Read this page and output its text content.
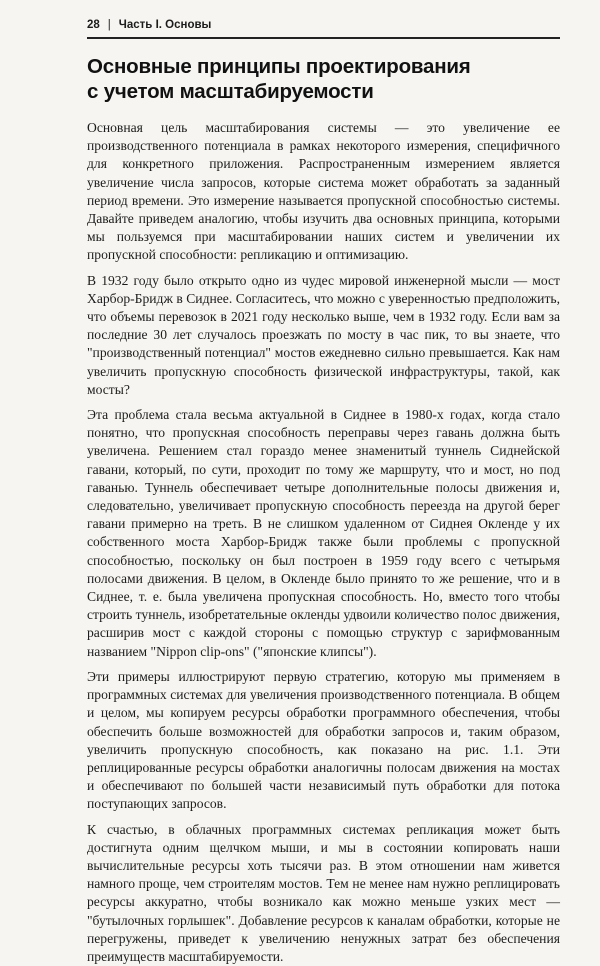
28 | Часть I. Основы
Основные принципы проектирования
с учетом масштабируемости

Основная цель масштабирования системы — это увеличение ее производственного потенциала в рамках некоторого измерения, специфичного для конкретного приложения. Распространенным измерением является увеличение числа запросов, которые система может обработать за заданный период времени. Это измерение называется пропускной способностью системы. Давайте приведем аналогию, чтобы изучить два основных принципа, которыми мы пользуемся при масштабировании наших систем и увеличении их пропускной способности: репликацию и оптимизацию.

В 1932 году было открыто одно из чудес мировой инженерной мысли — мост Харбор-Бридж в Сиднее. Согласитесь, что можно с уверенностью предположить, что объемы перевозок в 2021 году несколько выше, чем в 1932 году. Если вам за последние 30 лет случалось проезжать по мосту в час пик, то вы знаете, что "производственный потенциал" мостов ежедневно сильно превышается. Как нам увеличить пропускную способность физической инфраструктуры, такой, как мосты?

Эта проблема стала весьма актуальной в Сиднее в 1980-х годах, когда стало понятно, что пропускная способность переправы через гавань должна быть увеличена. Решением стал гораздо менее знаменитый туннель Сиднейской гавани, который, по сути, проходит по тому же маршруту, что и мост, но под гаванью. Туннель обеспечивает четыре дополнительные полосы движения и, следовательно, увеличивает пропускную способность переезда на другой берег гавани примерно на треть. В не слишком удаленном от Сиднея Окленде у их собственного моста Харбор-Бридж также были проблемы с пропускной способностью, поскольку он был построен в 1959 году всего с четырьмя полосами движения. В целом, в Окленде было принято то же решение, что и в Сиднее, т. е. была увеличена пропускная способность. Но, вместо того чтобы строить туннель, изобретательные окленды удвоили количество полос движения, расширив мост с каждой стороны с помощью структур с зарифмованным названием "Nippon clip-ons" ("японские клипсы").

Эти примеры иллюстрируют первую стратегию, которую мы применяем в программных системах для увеличения производственного потенциала. В общем и целом, мы копируем ресурсы обработки программного обеспечения, чтобы обеспечить больше возможностей для обработки запросов и, таким образом, увеличить пропускную способность, как показано на рис. 1.1. Эти реплицированные ресурсы обработки аналогичны полосам движения на мостах и обеспечивают по большей части независимый путь обработки для потока поступающих запросов.

К счастью, в облачных программных системах репликация может быть достигнута одним щелчком мыши, и мы в состоянии копировать наши вычислительные ресурсы хоть тысячи раз. В этом отношении нам живется намного проще, чем строителям мостов. Тем не менее нам нужно реплицировать ресурсы аккуратно, чтобы возникало как можно меньше узких мест — "бутылочных горлышек". Добавление ресурсов к каналам обработки, которые не перегружены, приведет к увеличению ненужных затрат без обеспечения преимуществ масштабируемости.
